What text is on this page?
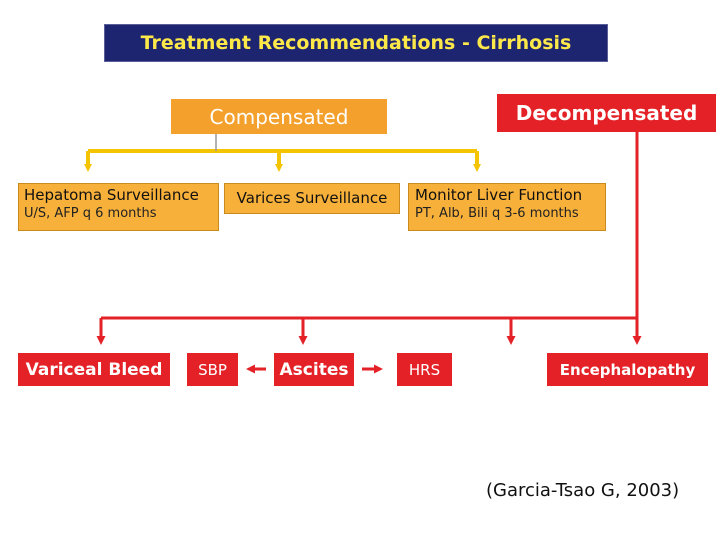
Treatment Recommendations - Cirrhosis
Compensated	Decompensated
Hepatoma Surveillance
U/S, AFP q 6 months
Varices Surveillance Monitor Liver Function
PT, Alb, Bili q 3-6 months
Variceal Bleed	SBP	Ascites	HRS	Encephalopathy
(Garcia-Tsao G, 2003)
